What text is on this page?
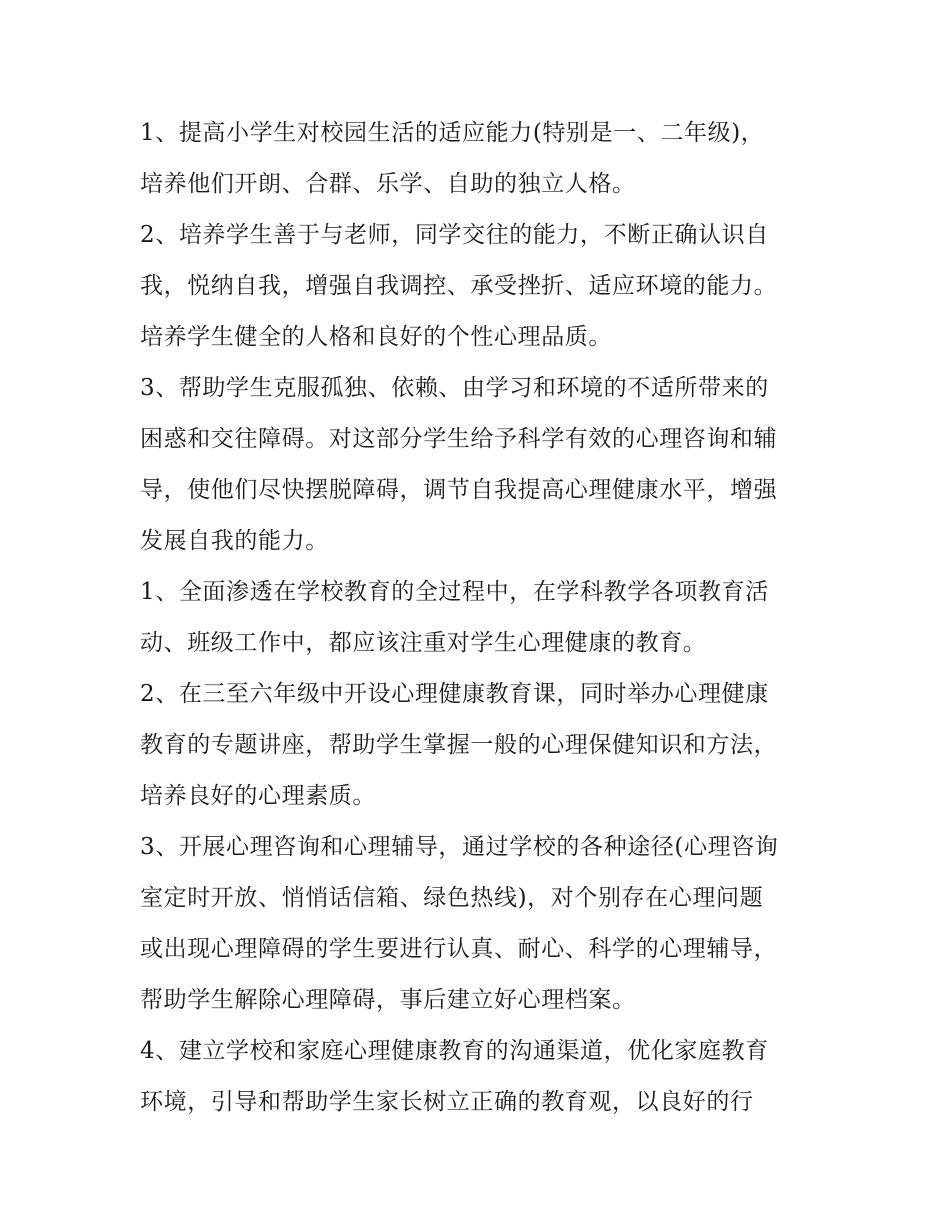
1、提高小学生对校园生活的适应能力(特别是一、二年级)，
培养他们开朗、合群、乐学、自助的独立人格。
2、培养学生善于与老师，同学交往的能力，不断正确认识自
我，悦纳自我，增强自我调控、承受挫折、适应环境的能力。
培养学生健全的人格和良好的个性心理品质。
3、帮助学生克服孤独、依赖、由学习和环境的不适所带来的
困惑和交往障碍。对这部分学生给予科学有效的心理咨询和辅
导，使他们尽快摆脱障碍，调节自我提高心理健康水平，增强
发展自我的能力。
1、全面渗透在学校教育的全过程中，在学科教学各项教育活
动、班级工作中，都应该注重对学生心理健康的教育。
2、在三至六年级中开设心理健康教育课，同时举办心理健康
教育的专题讲座，帮助学生掌握一般的心理保健知识和方法，
培养良好的心理素质。
3、开展心理咨询和心理辅导，通过学校的各种途径(心理咨询
室定时开放、悄悄话信箱、绿色热线)，对个别存在心理问题
或出现心理障碍的学生要进行认真、耐心、科学的心理辅导，
帮助学生解除心理障碍，事后建立好心理档案。
4、建立学校和家庭心理健康教育的沟通渠道，优化家庭教育
环境，引导和帮助学生家长树立正确的教育观，以良好的行
